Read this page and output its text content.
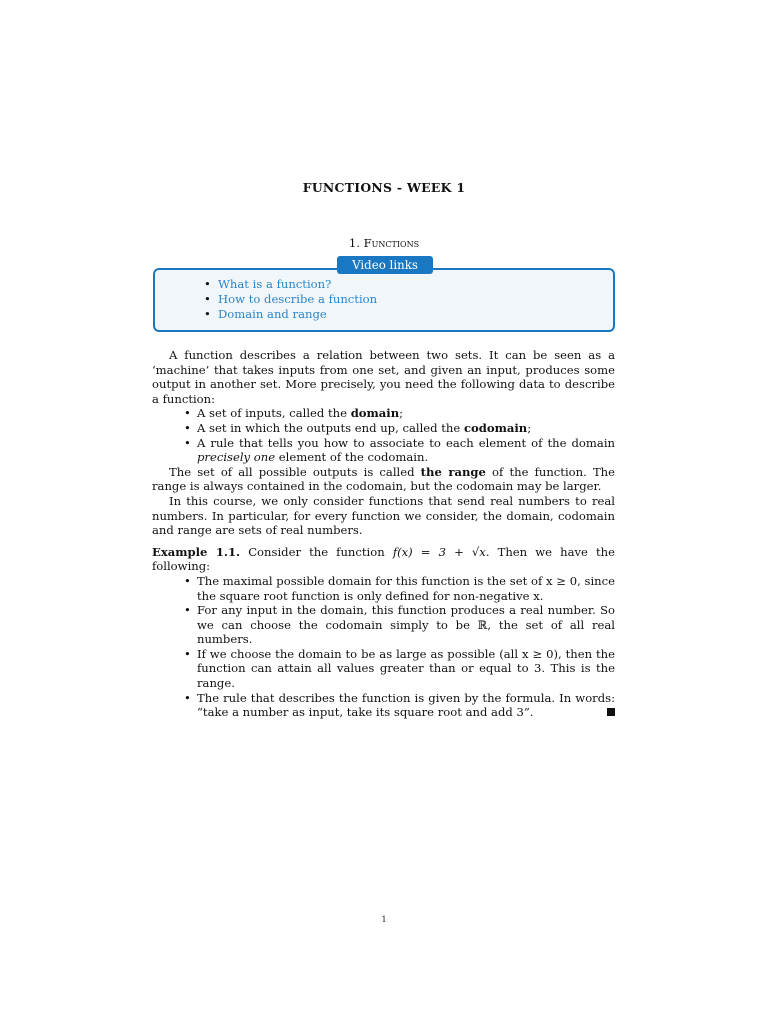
FUNCTIONS - WEEK 1
1. Functions
Video links
• What is a function?
• How to describe a function
• Domain and range

A function describes a relation between two sets. It can be seen as a ‘machine’ that takes inputs from one set, and given an input, produces some output in another set. More precisely, you need the following data to describe a function:

• A set of inputs, called the domain;
• A set in which the outputs end up, called the codomain;
• A rule that tells you how to associate to each element of the domain precisely one element of the codomain.

The set of all possible outputs is called the range of the function. The range is always contained in the codomain, but the codomain may be larger.

In this course, we only consider functions that send real numbers to real numbers. In particular, for every function we consider, the domain, codomain and range are sets of real numbers.

Example 1.1. Consider the function f(x) = 3 + √x. Then we have the following:

• The maximal possible domain for this function is the set of x ≥ 0, since the square root function is only defined for non-negative x.
• For any input in the domain, this function produces a real number. So we can choose the codomain simply to be ℝ, the set of all real numbers.
• If we choose the domain to be as large as possible (all x ≥ 0), then the function can attain all values greater than or equal to 3. This is the range.
• The rule that describes the function is given by the formula. In words: “take a number as input, take its square root and add 3”.
1
